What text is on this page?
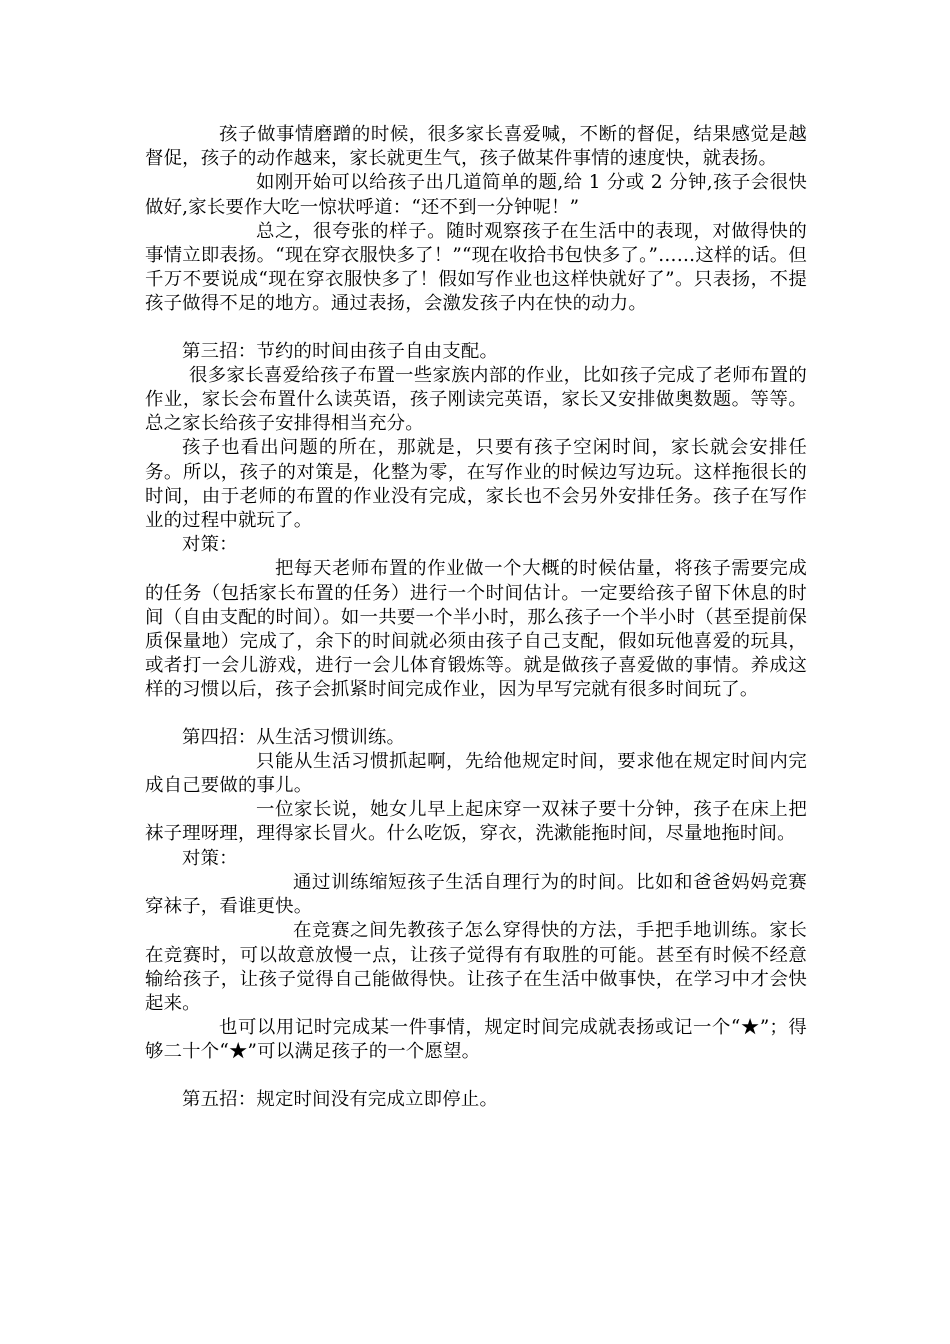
孩子做事情磨蹭的时候，很多家长喜爱喊，不断的督促，结果感觉是越督促，孩子的动作越来，家长就更生气，孩子做某件事情的速度快，就表扬。

如刚开始可以给孩子出几道简单的题,给 1 分或 2 分钟,孩子会很快做好,家长要作大吃一惊状呼道：“还不到一分钟呢！”

总之，很夸张的样子。随时观察孩子在生活中的表现，对做得快的事情立即表扬。“现在穿衣服快多了！”“现在收拾书包快多了。”……这样的话。但千万不要说成“现在穿衣服快多了！假如写作业也这样快就好了”。只表扬，不提孩子做得不足的地方。通过表扬，会激发孩子内在快的动力。

第三招：节约的时间由孩子自由支配。

很多家长喜爱给孩子布置一些家族内部的作业，比如孩子完成了老师布置的作业，家长会布置什么读英语，孩子刚读完英语，家长又安排做奥数题。等等。总之家长给孩子安排得相当充分。

孩子也看出问题的所在，那就是，只要有孩子空闲时间，家长就会安排任务。所以，孩子的对策是，化整为零，在写作业的时候边写边玩。这样拖很长的时间，由于老师的布置的作业没有完成，家长也不会另外安排任务。孩子在写作业的过程中就玩了。

对策：

把每天老师布置的作业做一个大概的时候估量，将孩子需要完成的任务（包括家长布置的任务）进行一个时间估计。一定要给孩子留下休息的时间（自由支配的时间）。如一共要一个半小时，那么孩子一个半小时（甚至提前保质保量地）完成了，余下的时间就必须由孩子自己支配，假如玩他喜爱的玩具，或者打一会儿游戏，进行一会儿体育锻炼等。就是做孩子喜爱做的事情。养成这样的习惯以后，孩子会抓紧时间完成作业，因为早写完就有很多时间玩了。

第四招：从生活习惯训练。

只能从生活习惯抓起啊，先给他规定时间，要求他在规定时间内完成自己要做的事儿。

一位家长说，她女儿早上起床穿一双袜子要十分钟，孩子在床上把袜子理呀理，理得家长冒火。什么吃饭，穿衣，洗漱能拖时间，尽量地拖时间。

对策：

通过训练缩短孩子生活自理行为的时间。比如和爸爸妈妈竞赛穿袜子，看谁更快。

在竞赛之间先教孩子怎么穿得快的方法，手把手地训练。家长在竞赛时，可以故意放慢一点，让孩子觉得有有取胜的可能。甚至有时候不经意输给孩子，让孩子觉得自己能做得快。让孩子在生活中做事快，在学习中才会快起来。

也可以用记时完成某一件事情，规定时间完成就表扬或记一个“★”；得够二十个“★”可以满足孩子的一个愿望。

第五招：规定时间没有完成立即停止。
